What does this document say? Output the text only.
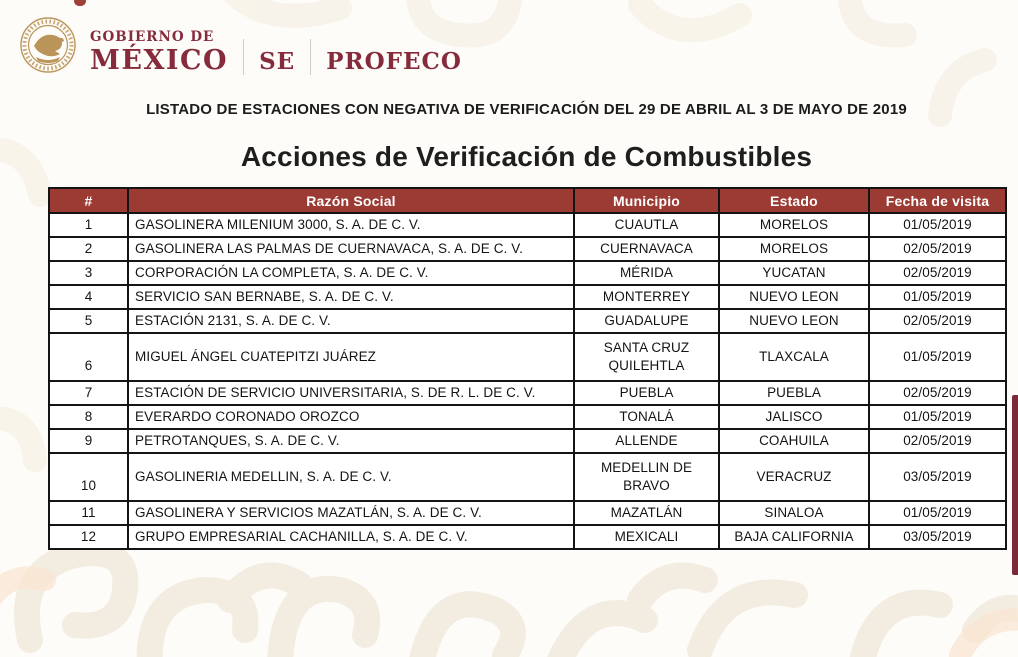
GOBIERNO DE
MÉXICO SE PROFECO
LISTADO DE ESTACIONES CON NEGATIVA DE VERIFICACIÓN DEL 29 DE ABRIL AL 3 DE MAYO DE 2019
Acciones de Verificación de Combustibles
#	Razón Social	Municipio	Estado	Fecha de visita
1	GASOLINERA MILENIUM 3000, S. A. DE C. V.	CUAUTLA	MORELOS	01/05/2019
2	GASOLINERA LAS PALMAS DE CUERNAVACA, S. A. DE C. V.	CUERNAVACA	MORELOS	02/05/2019
3	CORPORACIÓN LA COMPLETA, S. A. DE C. V.	MÉRIDA	YUCATAN	02/05/2019
4	SERVICIO SAN BERNABE, S. A. DE C. V.	MONTERREY	NUEVO LEON	01/05/2019
5	ESTACIÓN 2131, S. A. DE C. V.	GUADALUPE	NUEVO LEON	02/05/2019
6	MIGUEL ÁNGEL CUATEPITZI JUÁREZ	SANTA CRUZ QUILEHTLA	TLAXCALA	01/05/2019
7	ESTACIÓN DE SERVICIO UNIVERSITARIA, S. DE R. L. DE C. V.	PUEBLA	PUEBLA	02/05/2019
8	EVERARDO CORONADO OROZCO	TONALÁ	JALISCO	01/05/2019
9	PETROTANQUES, S. A. DE C. V.	ALLENDE	COAHUILA	02/05/2019
10	GASOLINERIA MEDELLIN, S. A. DE C. V.	MEDELLIN DE BRAVO	VERACRUZ	03/05/2019
11	GASOLINERA Y SERVICIOS MAZATLÁN, S. A. DE C. V.	MAZATLÁN	SINALOA	01/05/2019
12	GRUPO EMPRESARIAL CACHANILLA, S. A. DE C. V.	MEXICALI	BAJA CALIFORNIA	03/05/2019
